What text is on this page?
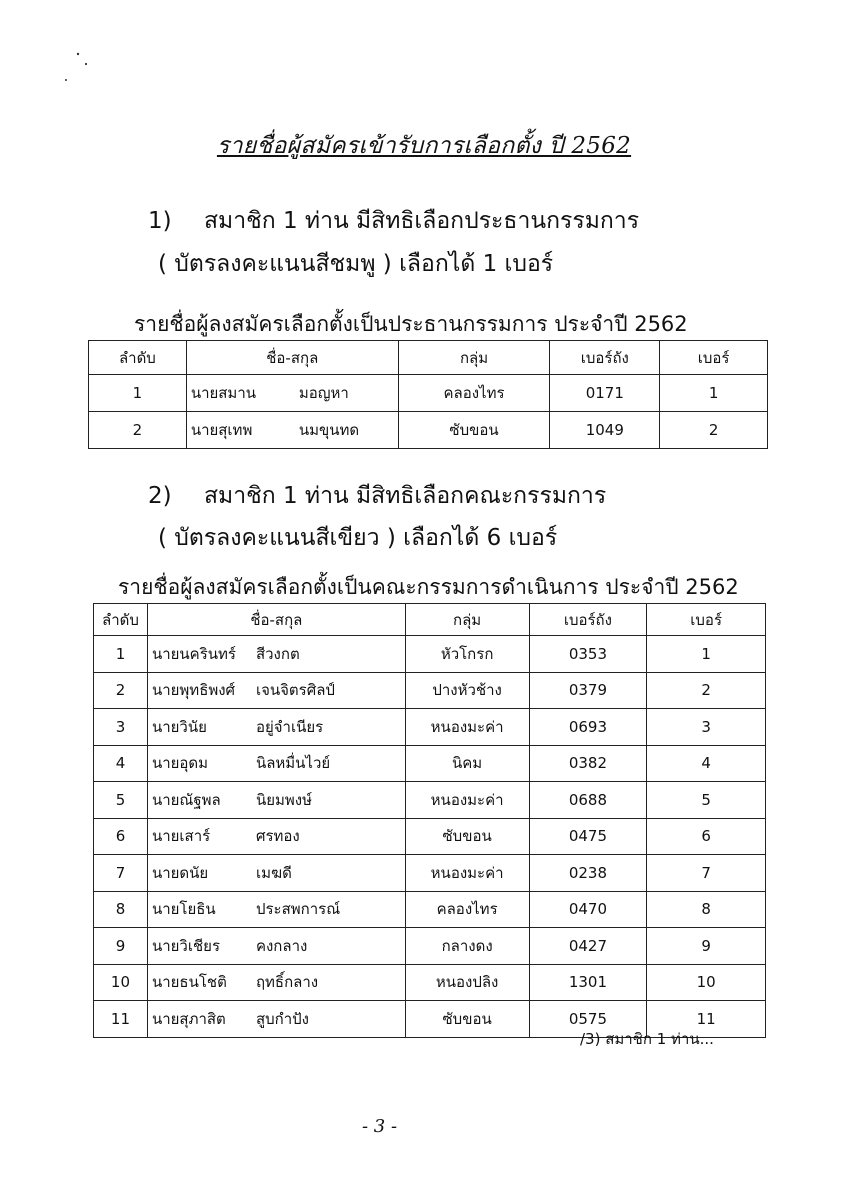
รายชื่อผู้สมัครเข้ารับการเลือกตั้ง ปี 2562
1) สมาชิก 1 ท่าน มีสิทธิเลือกประธานกรรมการ
( บัตรลงคะแนนสีชมพู ) เลือกได้ 1 เบอร์
รายชื่อผู้ลงสมัครเลือกตั้งเป็นประธานกรรมการ ประจำปี 2562
ลำดับ	ชื่อ-สกุล	กลุ่ม	เบอร์ถัง	เบอร์
1	นายสมาน มอญหา	คลองไทร	0171	1
2	นายสุเทพ นมขุนทด	ซับขอน	1049	2
2) สมาชิก 1 ท่าน มีสิทธิเลือกคณะกรรมการ
( บัตรลงคะแนนสีเขียว ) เลือกได้ 6 เบอร์
รายชื่อผู้ลงสมัครเลือกตั้งเป็นคณะกรรมการดำเนินการ ประจำปี 2562
ลำดับ	ชื่อ-สกุล	กลุ่ม	เบอร์ถัง	เบอร์
1	นายนครินทร์ สีวงกต	หัวโกรก	0353	1
2	นายพุทธิพงศ์ เจนจิตรศิลป์	ปางหัวช้าง	0379	2
3	นายวินัย อยู่จำเนียร	หนองมะค่า	0693	3
4	นายอุดม นิลหมื่นไวย์	นิคม	0382	4
5	นายณัฐพล นิยมพงษ์	หนองมะค่า	0688	5
6	นายเสาร์ ศรทอง	ซับขอน	0475	6
7	นายดนัย เมฆดี	หนองมะค่า	0238	7
8	นายโยธิน ประสพการณ์	คลองไทร	0470	8
9	นายวิเชียร คงกลาง	กลางดง	0427	9
10	นายธนโชติ ฤทธิ์กลาง	หนองปลิง	1301	10
11	นายสุภาสิต สูบกำปัง	ซับขอน	0575	11
/3) สมาชิก 1 ท่าน...
- 3 -
